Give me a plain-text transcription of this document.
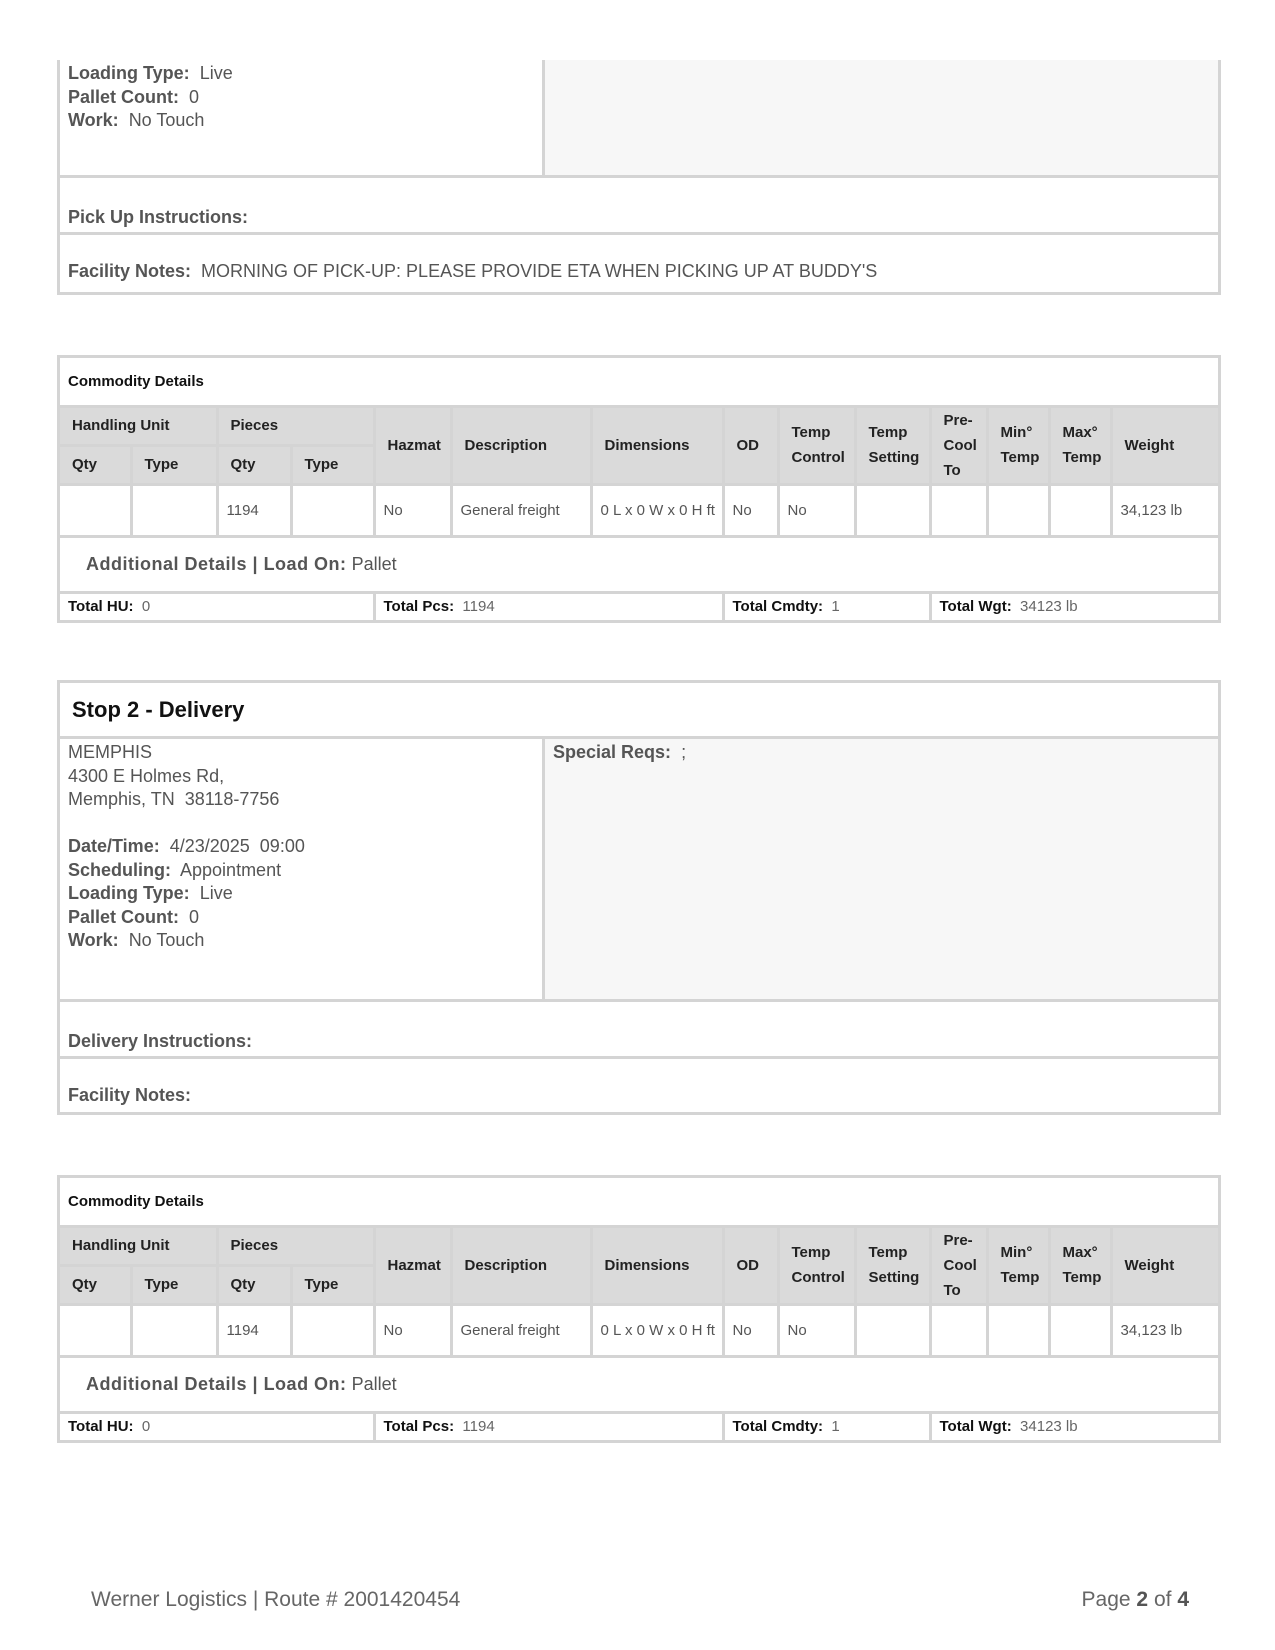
Loading Type: Live
Pallet Count: 0
Work: No Touch
Pick Up Instructions:
Facility Notes:
MORNING OF PICK-UP: PLEASE PROVIDE ETA WHEN PICKING UP AT BUDDY'S
Commodity Details													
Handling Unit		Pieces		Hazmat	Description	Dimensions	OD	Temp Control	Temp Setting	Pre-Cool To	Min° Temp	Max° Temp	Weight
Qty	Type	Qty	Type										
		1194		No	General freight	0 L x 0 W x 0 H ft	No	No					34,123 lb
Additional Details | Load On: Pallet													
Total HU: 0				Total Pcs: 1194			Total Cmdty: 1			Total Wgt: 34123 lb			
Stop 2 - Delivery
MEMPHIS
4300 E Holmes Rd,
Memphis, TN  38118-7756
Date/Time: 4/23/2025  09:00
Scheduling: Appointment
Loading Type: Live
Pallet Count: 0
Work: No Touch
Special Reqs: ;
Delivery Instructions:
Facility Notes:
Commodity Details													
Handling Unit		Pieces		Hazmat	Description	Dimensions	OD	Temp Control	Temp Setting	Pre-Cool To	Min° Temp	Max° Temp	Weight
Qty	Type	Qty	Type										
		1194		No	General freight	0 L x 0 W x 0 H ft	No	No					34,123 lb
Additional Details | Load On: Pallet													
Total HU: 0				Total Pcs: 1194			Total Cmdty: 1			Total Wgt: 34123 lb			
Werner Logistics | Route # 2001420454	Page 2 of 4
